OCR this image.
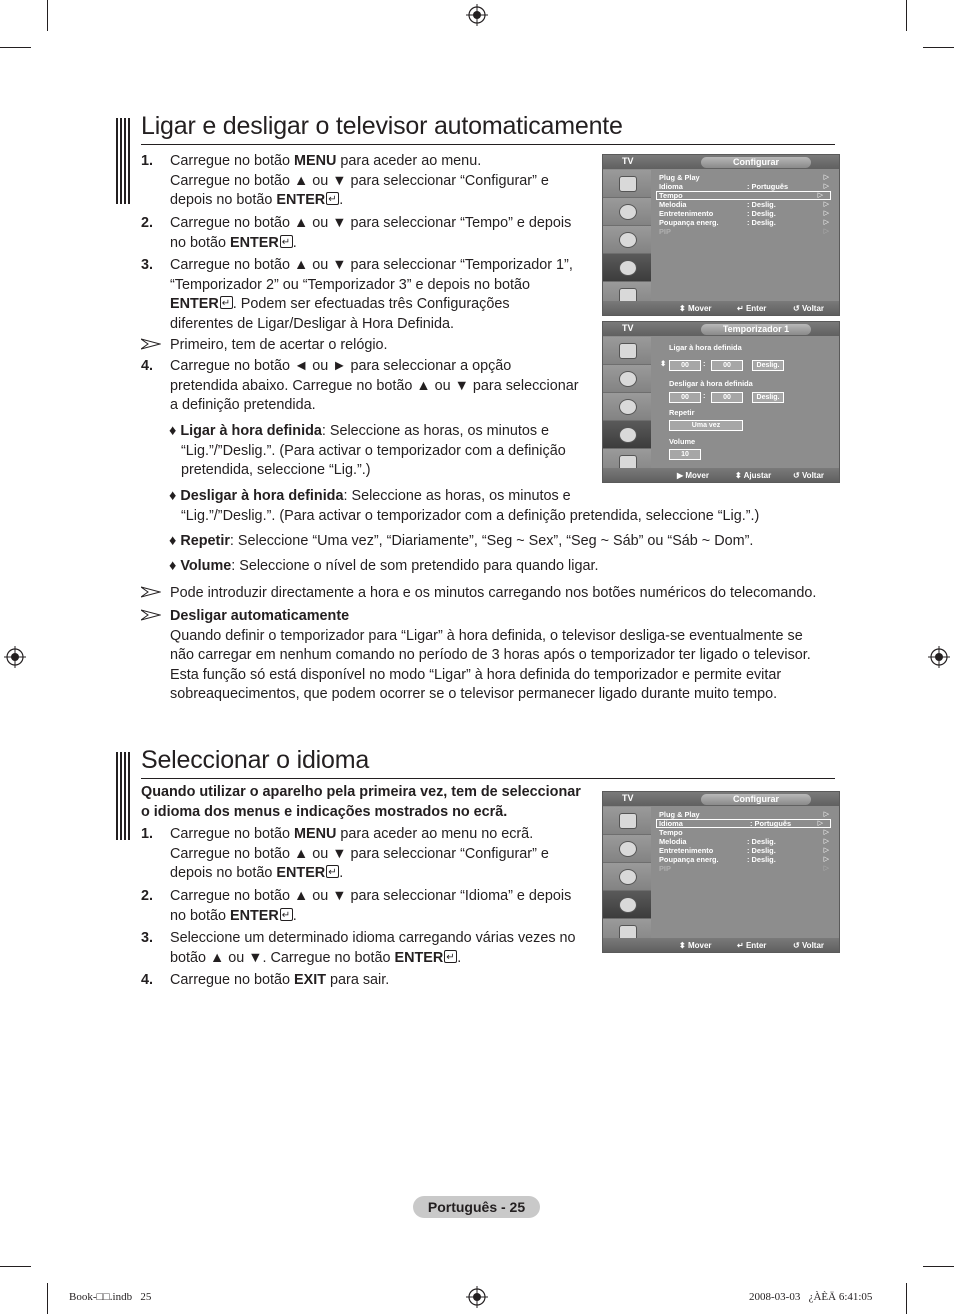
Ligar e desligar o televisor automaticamente
1. Carregue no botão MENU para aceder ao menu.
Carregue no botão ▲ ou ▼ para seleccionar “Configurar” e
depois no botão ENTER ↵ .
2. Carregue no botão ▲ ou ▼ para seleccionar “Tempo” e depois
no botão ENTER ↵ .
3. Carregue no botão ▲ ou ▼ para seleccionar “Temporizador 1”,
“Temporizador 2” ou “Temporizador 3” e depois no botão
ENTER ↵ . Podem ser efectuadas três Configurações
diferentes de Ligar/Desligar à Hora Definida.
Primeiro, tem de acertar o relógio.
4. Carregue no botão ◄ ou ► para seleccionar a opção
pretendida abaixo. Carregue no botão ▲ ou ▼ para seleccionar
a definição pretendida.
♦ Ligar à hora definida: Seleccione as horas, os minutos e
“Lig.”/”Deslig.”. (Para activar o temporizador com a definição
pretendida, seleccione “Lig.”.)
♦ Desligar à hora definida: Seleccione as horas, os minutos e
“Lig.”/”Deslig.”. (Para activar o temporizador com a definição pretendida, seleccione “Lig.”.)
♦ Repetir: Seleccione “Uma vez”, “Diariamente”, “Seg ~ Sex”, “Seg ~ Sáb” ou “Sáb ~ Dom”.
♦ Volume: Seleccione o nível de som pretendido para quando ligar.
Pode introduzir directamente a hora e os minutos carregando nos botões numéricos do telecomando.
Desligar automaticamente
Quando definir o temporizador para “Ligar” à hora definida, o televisor desliga-se eventualmente se
não carregar em nenhum comando no período de 3 horas após o temporizador ter ligado o televisor.
Esta função só está disponível no modo “Ligar” à hora definida do temporizador e permite evitar
sobreaquecimentos, que podem ocorrer se o televisor permanecer ligado durante muito tempo.
TV	Configurar
Plug & Play	▷
Idioma	: Português	▷
Tempo	▷
Melodia	: Deslig.	▷
Entretenimento	: Deslig.	▷
Poupança energ.	: Deslig.	▷
PIP	▷
⬍ Mover	↵ Enter	↺ Voltar
TV	Temporizador 1
Ligar à hora definida
⬍	00	:	00	Deslig.
Desligar à hora definida
00	:	00	Deslig.
Repetir
Uma vez
Volume
10
▶ Mover	⬍ Ajustar	↺ Voltar
Seleccionar o idioma
Quando utilizar o aparelho pela primeira vez, tem de seleccionar
o idioma dos menus e indicações mostrados no ecrã.
1. Carregue no botão MENU para aceder ao menu no ecrã.
Carregue no botão ▲ ou ▼ para seleccionar “Configurar” e
depois no botão ENTER ↵ .
2. Carregue no botão ▲ ou ▼ para seleccionar “Idioma” e depois
no botão ENTER ↵ .
3. Seleccione um determinado idioma carregando várias vezes no
botão ▲ ou ▼. Carregue no botão ENTER ↵ .
4. Carregue no botão EXIT para sair.
TV	Configurar
Plug & Play	▷
Idioma	: Português	▷
Tempo	▷
Melodia	: Deslig.	▷
Entretenimento	: Deslig.	▷
Poupança energ.	: Deslig.	▷
PIP	▷
⬍ Mover	↵ Enter	↺ Voltar
Português - 25
Book-□□.indb   25	2008-03-03   ¿ÀÈÄ 6:41:05
